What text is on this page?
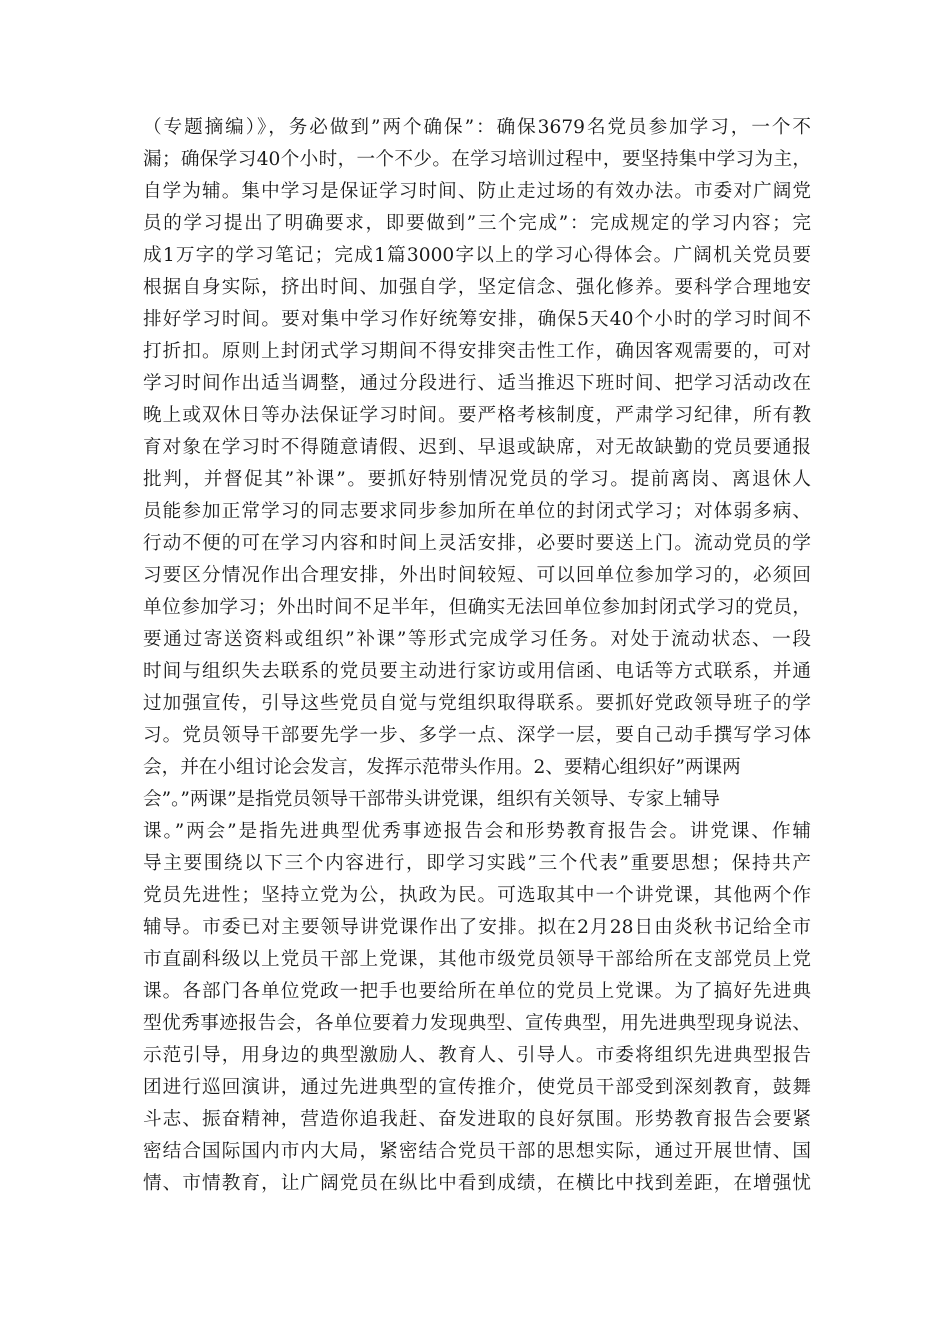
（专题摘编）》，务必做到”两个确保”：确保3679名党员参加学习，一个不
漏；确保学习40个小时，一个不少。在学习培训过程中，要坚持集中学习为主，
自学为辅。集中学习是保证学习时间、防止走过场的有效办法。市委对广阔党
员的学习提出了明确要求，即要做到”三个完成”：完成规定的学习内容；完
成1万字的学习笔记；完成1篇3000字以上的学习心得体会。广阔机关党员要
根据自身实际，挤出时间、加强自学，坚定信念、强化修养。要科学合理地安
排好学习时间。要对集中学习作好统筹安排，确保5天40个小时的学习时间不
打折扣。原则上封闭式学习期间不得安排突击性工作，确因客观需要的，可对
学习时间作出适当调整，通过分段进行、适当推迟下班时间、把学习活动改在
晚上或双休日等办法保证学习时间。要严格考核制度，严肃学习纪律，所有教
育对象在学习时不得随意请假、迟到、早退或缺席，对无故缺勤的党员要通报
批判，并督促其”补课”。要抓好特别情况党员的学习。提前离岗、离退休人
员能参加正常学习的同志要求同步参加所在单位的封闭式学习；对体弱多病、
行动不便的可在学习内容和时间上灵活安排，必要时要送上门。流动党员的学
习要区分情况作出合理安排，外出时间较短、可以回单位参加学习的，必须回
单位参加学习；外出时间不足半年，但确实无法回单位参加封闭式学习的党员，
要通过寄送资料或组织”补课”等形式完成学习任务。对处于流动状态、一段
时间与组织失去联系的党员要主动进行家访或用信函、电话等方式联系，并通
过加强宣传，引导这些党员自觉与党组织取得联系。要抓好党政领导班子的学
习。党员领导干部要先学一步、多学一点、深学一层，要自己动手撰写学习体
会，并在小组讨论会发言，发挥示范带头作用。2、要精心组织好”两课两
会”。”两课”是指党员领导干部带头讲党课，组织有关领导、专家上辅导
课。”两会”是指先进典型优秀事迹报告会和形势教育报告会。讲党课、作辅
导主要围绕以下三个内容进行，即学习实践”三个代表”重要思想；保持共产
党员先进性；坚持立党为公，执政为民。可选取其中一个讲党课，其他两个作
辅导。市委已对主要领导讲党课作出了安排。拟在2月28日由炎秋书记给全市
市直副科级以上党员干部上党课，其他市级党员领导干部给所在支部党员上党
课。各部门各单位党政一把手也要给所在单位的党员上党课。为了搞好先进典
型优秀事迹报告会，各单位要着力发现典型、宣传典型，用先进典型现身说法、
示范引导，用身边的典型激励人、教育人、引导人。市委将组织先进典型报告
团进行巡回演讲，通过先进典型的宣传推介，使党员干部受到深刻教育，鼓舞
斗志、振奋精神，营造你追我赶、奋发进取的良好氛围。形势教育报告会要紧
密结合国际国内市内大局，紧密结合党员干部的思想实际，通过开展世情、国
情、市情教育，让广阔党员在纵比中看到成绩，在横比中找到差距，在增强忧
